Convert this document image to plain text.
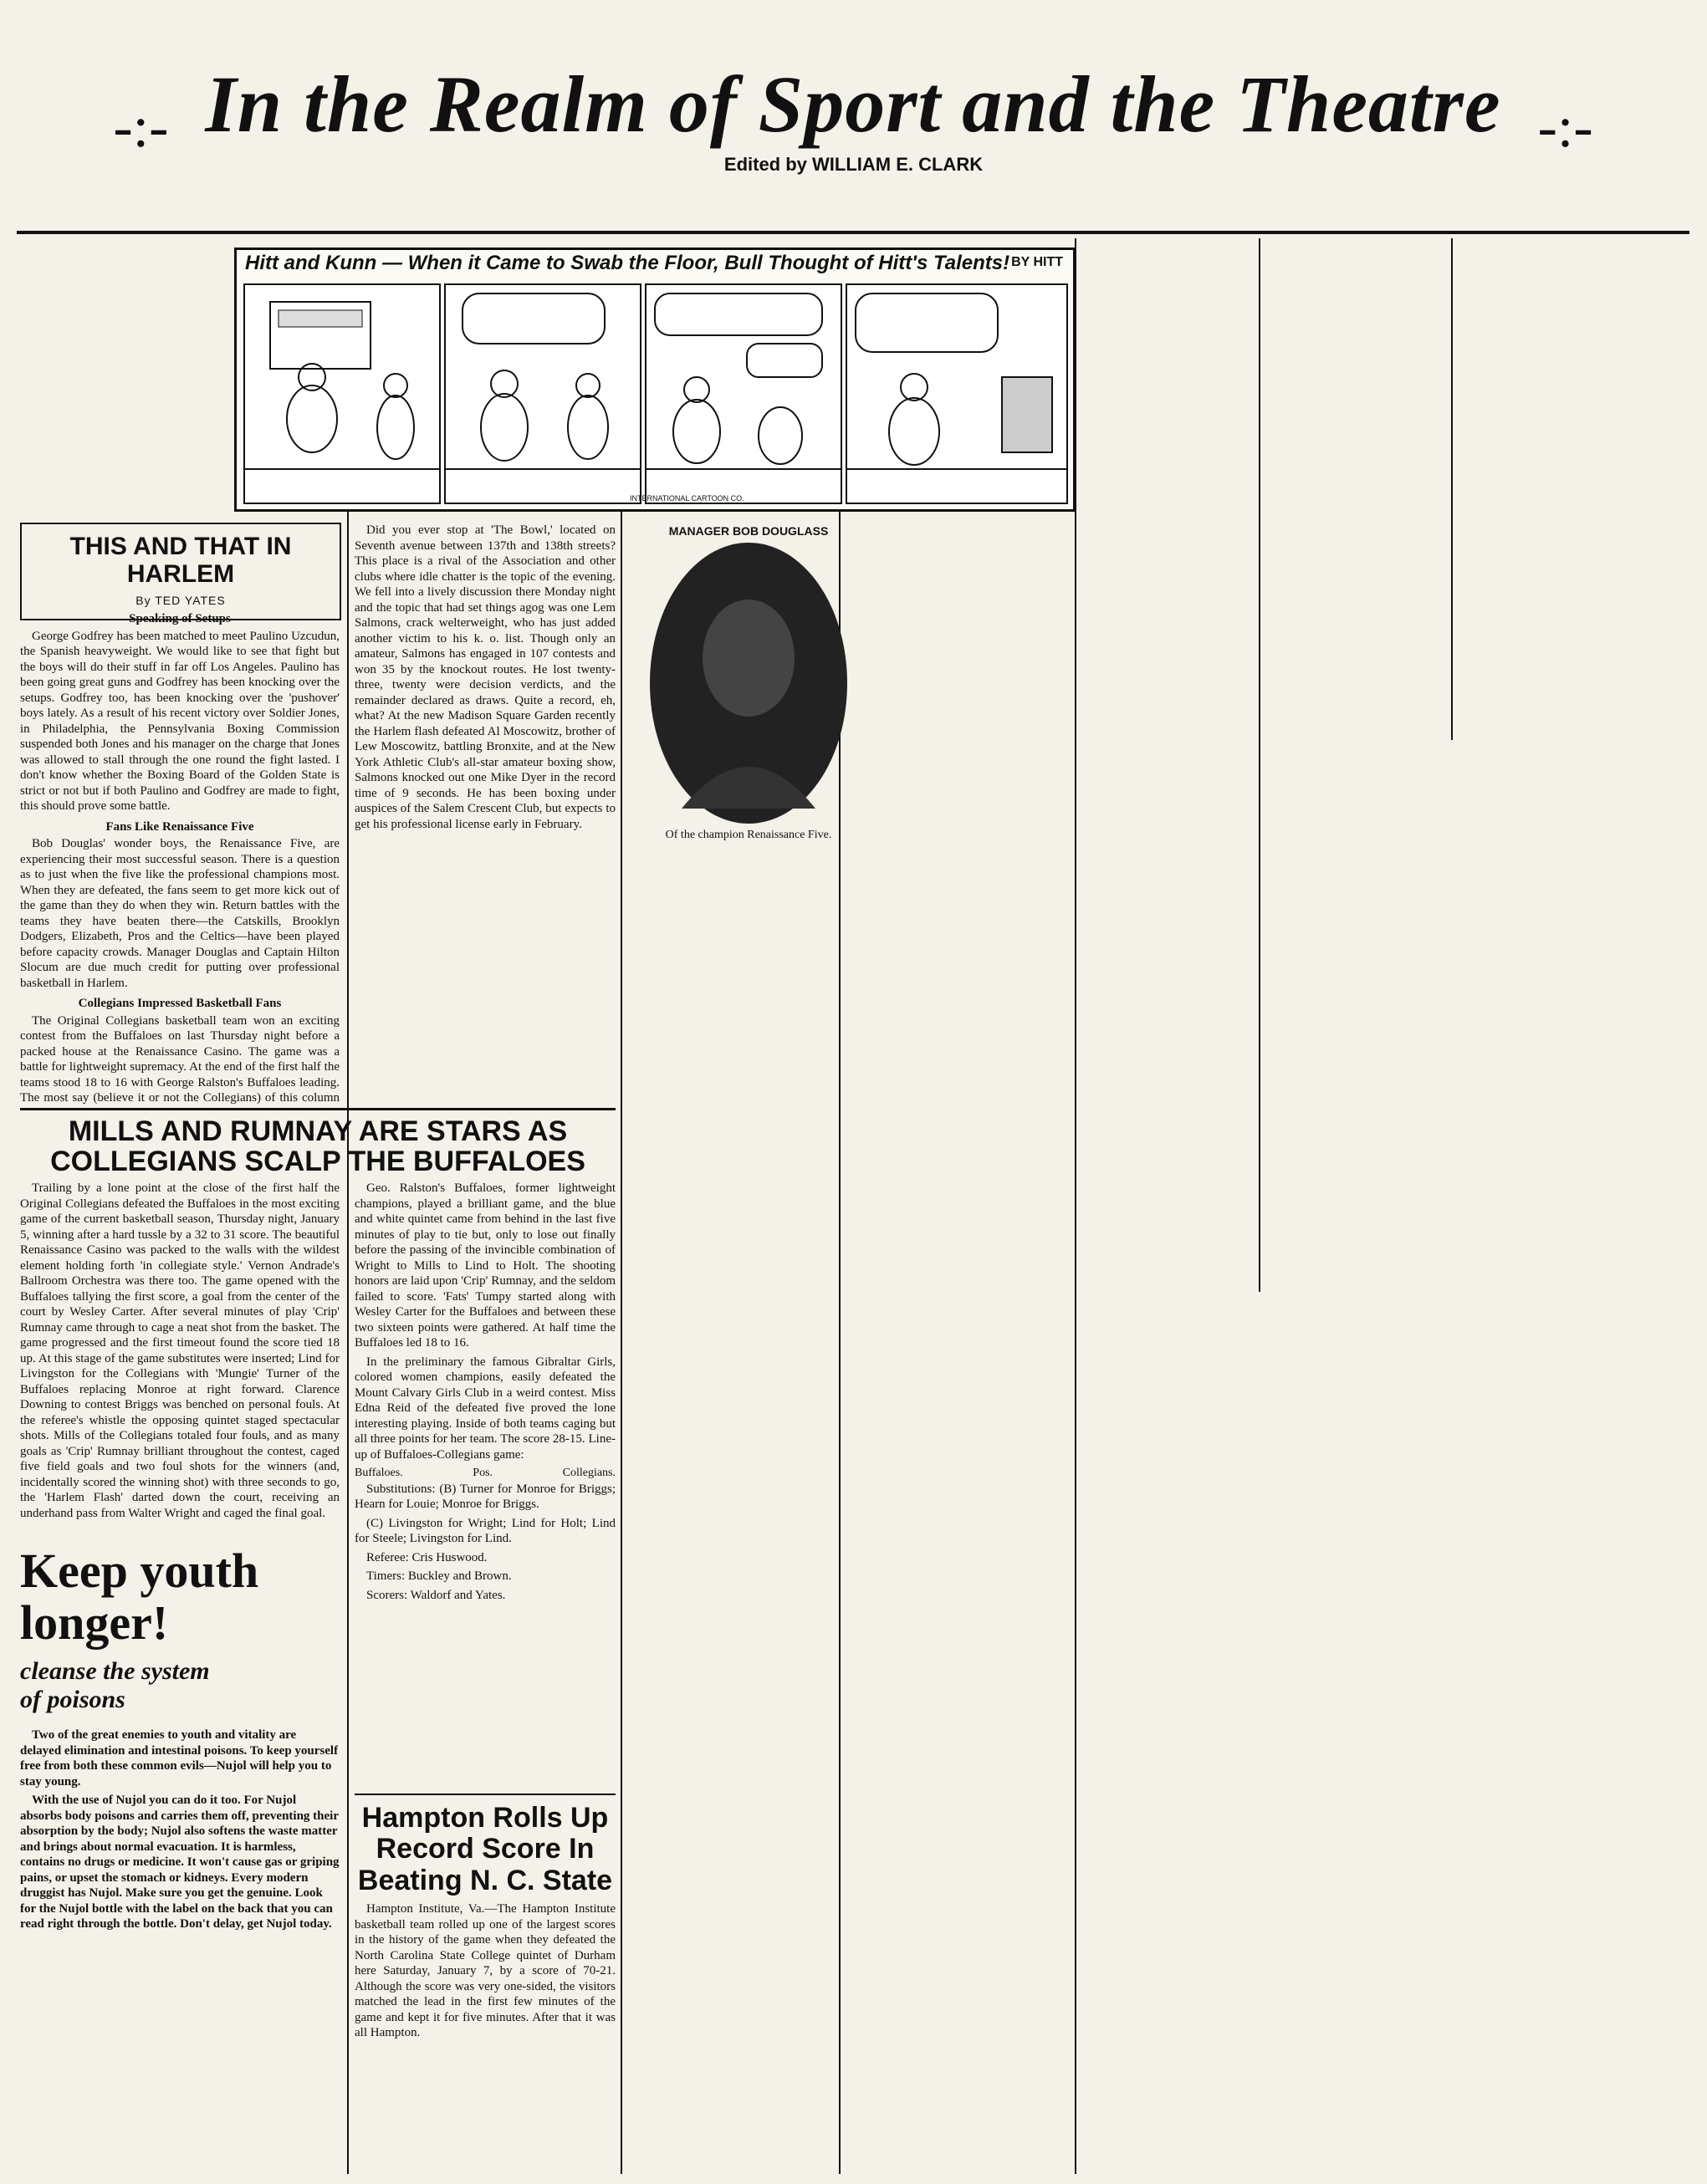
-:- In the Realm of Sport and the Theatre -:-
Edited by WILLIAM E. CLARK
Hitt and Kunn — When it Came to Swab the Floor, Bull Thought of Hitt's Talents! BY HITT
INTERNATIONAL CARTOON CO.
THIS AND THAT IN HARLEM
By TED YATES
Speaking of Setups

George Godfrey has been matched to meet Paulino Uzcudun, the Spanish heavyweight. We would like to see that fight but the boys will do their stuff in far off Los Angeles. Paulino has been going great guns and Godfrey has been knocking over the setups. Godfrey too, has been knocking over the 'pushover' boys lately. As a result of his recent victory over Soldier Jones, in Philadelphia, the Pennsylvania Boxing Commission suspended both Jones and his manager on the charge that Jones was allowed to stall through the one round the fight lasted. I don't know whether the Boxing Board of the Golden State is strict or not but if both Paulino and Godfrey are made to fight, this should prove some battle.

Fans Like Renaissance Five

Bob Douglas' wonder boys, the Renaissance Five, are experiencing their most successful season. There is a question as to just when the five like the professional champions most. When they are defeated, the fans seem to get more kick out of the game than they do when they win. Return battles with the teams they have beaten there—the Catskills, Brooklyn Dodgers, Elizabeth, Pros and the Celtics—have been played before capacity crowds. Manager Douglas and Captain Hilton Slocum are due much credit for putting over professional basketball in Harlem.

Collegians Impressed Basketball Fans

The Original Collegians basketball team won an exciting contest from the Buffaloes on last Thursday night before a packed house at the Renaissance Casino. The game was a battle for lightweight supremacy. At the end of the first half the teams stood 18 to 16 with George Ralston's Buffaloes leading. The most say (believe it or not the Collegians) of this column

Did you ever stop at 'The Bowl,' located on Seventh avenue between 137th and 138th streets? This place is a rival of the Association and other clubs where idle chatter is the topic of the evening. We fell into a lively discussion there Monday night and the topic that had set things agog was one Lem Salmons, crack welterweight, who has just added another victim to his k. o. list. Though only an amateur, Salmons has engaged in 107 contests and won 35 by the knockout routes. He lost twenty-three, twenty were decision verdicts, and the remainder declared as draws. Quite a record, eh, what? At the new Madison Square Garden recently the Harlem flash defeated Al Moscowitz, brother of Lew Moscowitz, battling Bronxite, and at the New York Athletic Club's all-star amateur boxing show, Salmons knocked out one Mike Dyer in the record time of 9 seconds. He has been boxing under auspices of the Salem Crescent Club, but expects to get his professional license early in February.

MILLS AND RUMNAY ARE STARS AS COLLEGIANS SCALP THE BUFFALOES

Trailing by a lone point at the close of the first half the Original Collegians defeated the Buffaloes in the most exciting game of the current basketball season, Thursday night, January 5, winning after a hard tussle by a 32 to 31 score. The beautiful Renaissance Casino was packed to the walls with the wildest element holding forth 'in collegiate style.' Vernon Andrade's Ballroom Orchestra was there too. The game opened with the Buffaloes tallying the first score, a goal from the center of the court by Wesley Carter. After several minutes of play 'Crip' Rumnay came through to cage a neat shot from the basket. The game progressed and the first timeout found the score tied 18 up. At this stage of the game substitutes were inserted; Lind for Livingston for the Collegians with 'Mungie' Turner of the Buffaloes replacing Monroe at right forward. Clarence Downing to contest Briggs was benched on personal fouls. At the referee's whistle the opposing quintet staged spectacular shots. Mills of the Collegians totaled four fouls, and as many goals as 'Crip' Rumnay brilliant throughout the contest, caged five field goals and two foul shots for the winners (and, incidentally scored the winning shot) with three seconds to go, the 'Harlem Flash' darted down the court, receiving an underhand pass from Walter Wright and caged the final goal.

Geo. Ralston's Buffaloes, former lightweight champions, played a brilliant game, and the blue and white quintet came from behind in the last five minutes of play to tie but, only to lose out finally before the passing of the invincible combination of Wright to Mills to Lind to Holt. The shooting honors are laid upon 'Crip' Rumnay, and the seldom failed to score. 'Fats' Tumpy started along with Wesley Carter for the Buffaloes and between these two sixteen points were gathered. At half time the Buffaloes led 18 to 16.

In the preliminary the famous Gibraltar Girls, colored women champions, easily defeated the Mount Calvary Girls Club in a weird contest. Miss Edna Reid of the defeated five proved the lone interesting playing. Inside of both teams caging but all three points for her team. The score 28-15. Line-up of Buffaloes-Collegians game:

Buffaloes.	Pos.	Collegians.

Substitutions: (B) Turner for Monroe for Briggs; Hearn for Louie; Monroe for Briggs.

(C) Livingston for Wright; Lind for Holt; Lind for Steele; Livingston for Lind.

Referee: Cris Huswood.

Timers: Buckley and Brown.

Scorers: Waldorf and Yates.

Keep youth
longer!
cleanse the system
of poisons

Two of the great enemies to youth and vitality are delayed elimination and intestinal poisons. To keep yourself free from both these common evils—Nujol will help you to stay young.

With the use of Nujol you can do it too. For Nujol absorbs body poisons and carries them off, preventing their absorption by the body; Nujol also softens the waste matter and brings about normal evacuation. It is harmless, contains no drugs or medicine. It won't cause gas or griping pains, or upset the stomach or kidneys. Every modern druggist has Nujol. Make sure you get the genuine. Look for the Nujol bottle with the label on the back that you can read right through the bottle. Don't delay, get Nujol today.

Hampton Rolls Up Record Score In Beating N. C. State

Hampton Institute, Va.—The Hampton Institute basketball team rolled up one of the largest scores in the history of the game when they defeated the North Carolina State College quintet of Durham here Saturday, January 7, by a score of 70-21. Although the score was very one-sided, the visitors matched the lead in the first few minutes of the game and kept it for five minutes. After that it was all Hampton.

MANAGER BOB DOUGLASS
Of the champion Renaissance Five.
